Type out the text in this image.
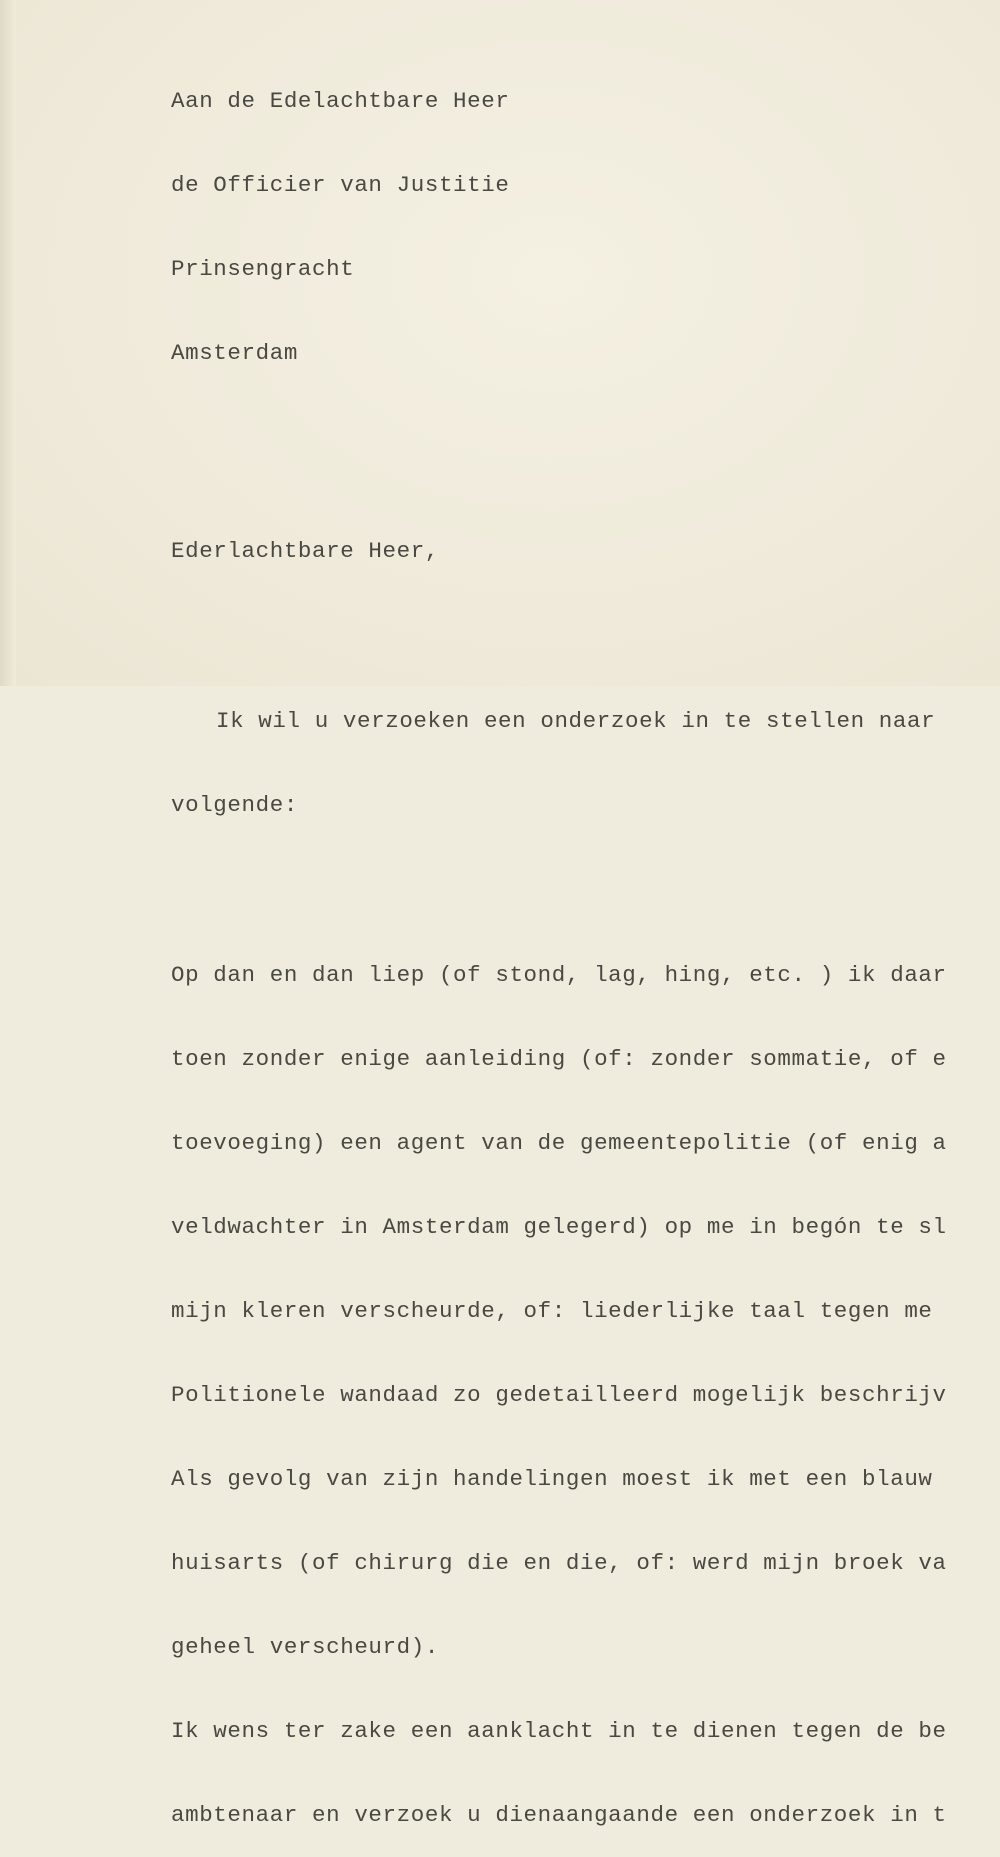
Aan de Edelachtbare Heer

de Officier van Justitie

Prinsengracht

Amsterdam

Ederlachtbare Heer,

Ik wil u verzoeken een onderzoek in te stellen naar

volgende:

Op dan en dan liep (of stond, lag, hing, etc. ) ik daar

toen zonder enige aanleiding (of: zonder sommatie, of e

toevoeging) een agent van de gemeentepolitie (of enig a

veldwachter in Amsterdam gelegerd) op me in begón te sl

mijn kleren verscheurde, of: liederlijke taal tegen me

Politionele wandaad zo gedetailleerd mogelijk beschrijv

Als gevolg van zijn handelingen moest ik met een blauw

huisarts (of chirurg die en die, of: werd mijn broek va

geheel verscheurd).

Ik wens ter zake een aanklacht in te dienen tegen de be

ambtenaar en verzoek u dienaangaande een onderzoek in t
